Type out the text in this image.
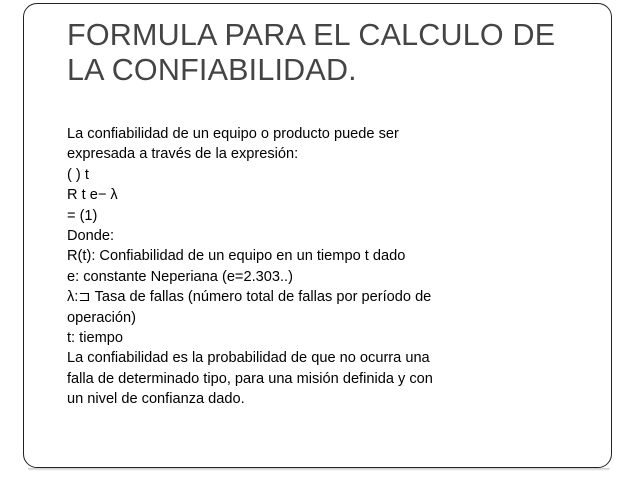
FORMULA PARA EL CALCULO DE
LA CONFIABILIDAD.
La confiabilidad de un equipo o producto puede ser
expresada a través de la expresión:
( ) t
R t e− λ
= (1)
Donde:
R(t): Confiabilidad de un equipo en un tiempo t dado
e: constante Neperiana (e=2.303..)
λ:⊐ Tasa de fallas (número total de fallas por período de
operación)
t: tiempo
La confiabilidad es la probabilidad de que no ocurra una
falla de determinado tipo, para una misión definida y con
un nivel de confianza dado.
